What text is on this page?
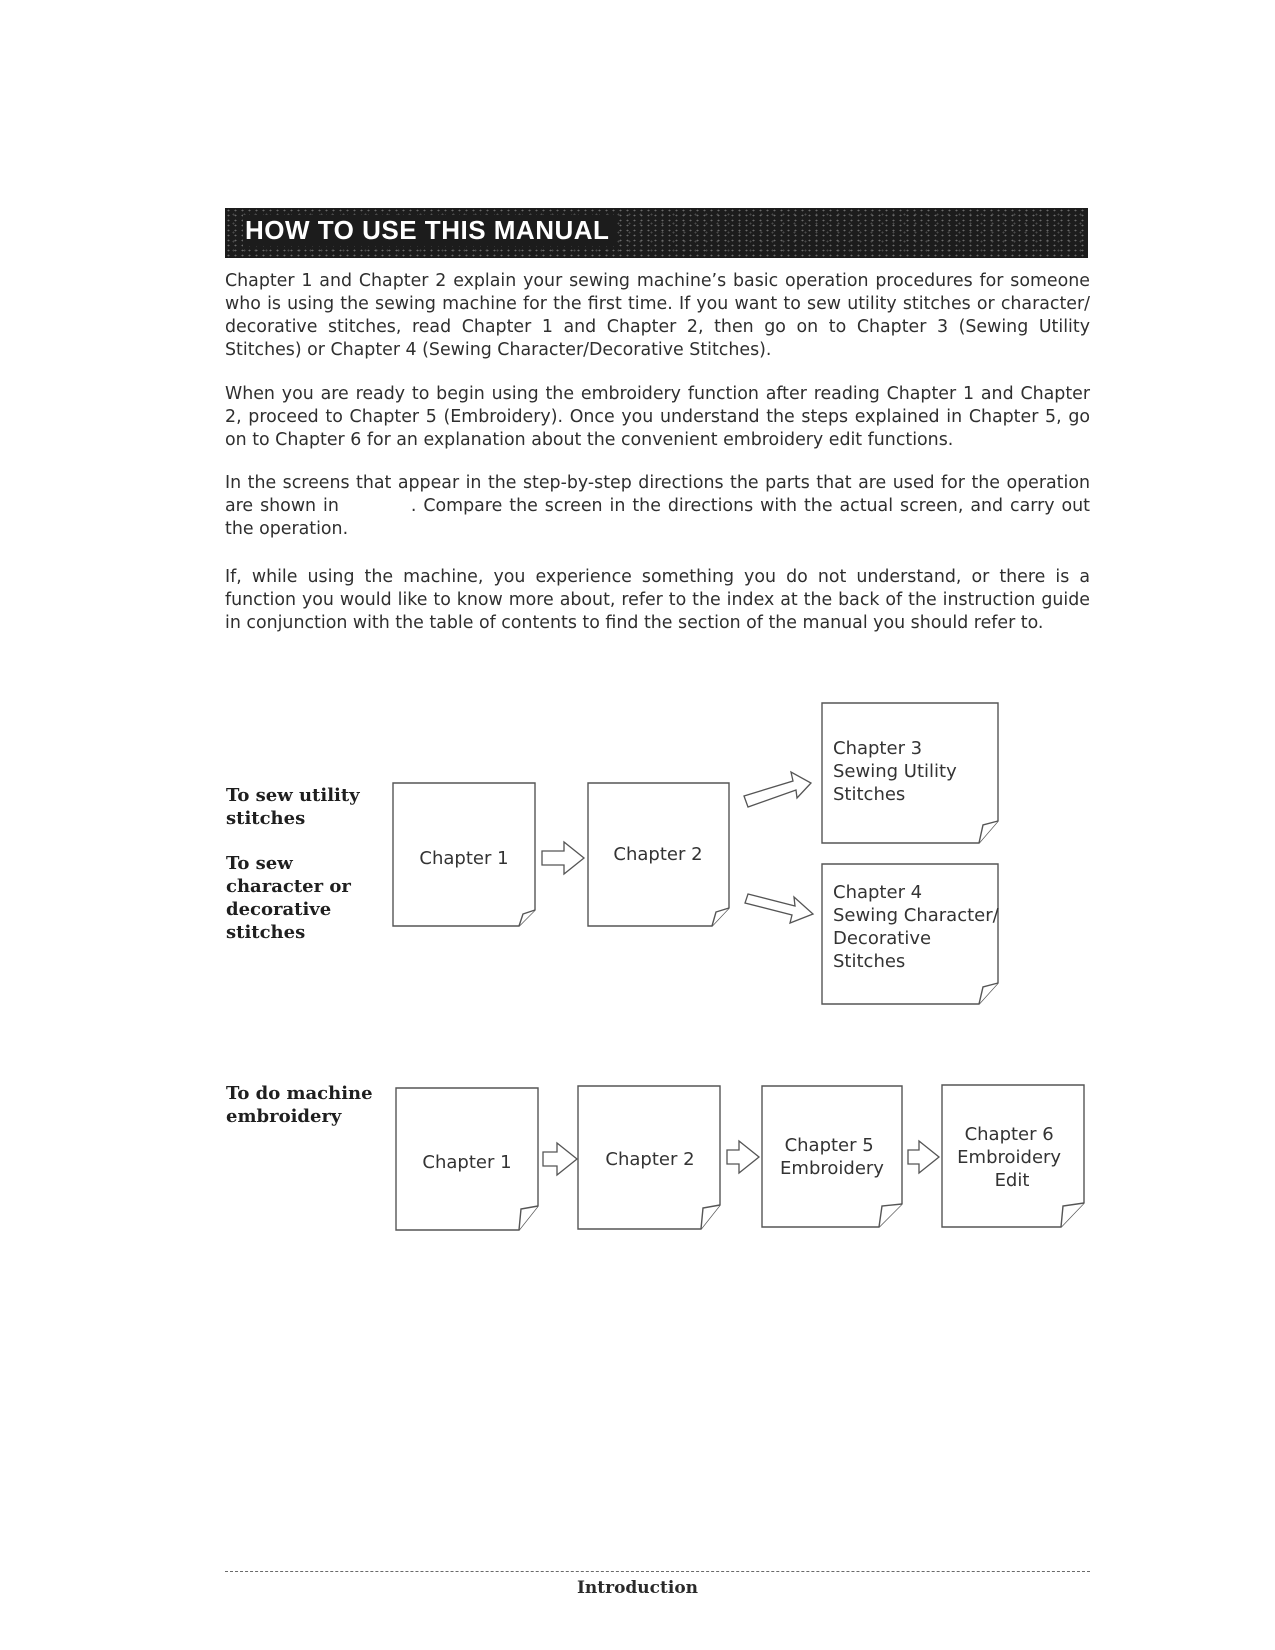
HOW TO USE THIS MANUAL

Chapter 1 and Chapter 2 explain your sewing machine’s basic operation procedures for someone who is using the sewing machine for the first time. If you want to sew utility stitches or character/ decorative stitches, read Chapter 1 and Chapter 2, then go on to Chapter 3 (Sewing Utility Stitches) or Chapter 4 (Sewing Character/Decorative Stitches).

When you are ready to begin using the embroidery function after reading Chapter 1 and Chapter 2, proceed to Chapter 5 (Embroidery). Once you understand the steps explained in Chapter 5, go on to Chapter 6 for an explanation about the convenient embroidery edit functions.

In the screens that appear in the step-by-step directions the parts that are used for the operation are shown in	. Compare the screen in the directions with the actual screen, and carry out the operation.

If, while using the machine, you experience something you do not understand, or there is a function you would like to know more about, refer to the index at the back of the instruction guide in conjunction with the table of contents to find the section of the manual you should refer to.

To sew utility stitches

To sew character or decorative stitches

To do machine embroidery

Chapter 1	Chapter 2
Chapter 3 Sewing Utility Stitches
Chapter 4 Sewing Character/ Decorative Stitches
Chapter 1	Chapter 2
Chapter 5 Embroidery
Chapter 6 Embroidery Edit
Introduction
